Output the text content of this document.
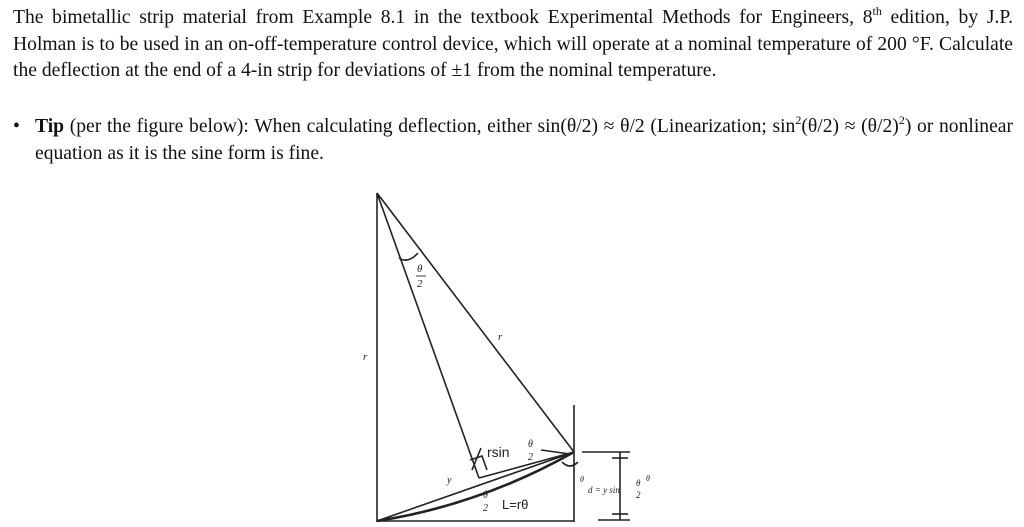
The bimetallic strip material from Example 8.1 in the textbook Experimental Methods for Engineers, 8th edition, by J.P. Holman is to be used in an on-off-temperature control device, which will operate at a nominal temperature of 200 °F. Calculate the deflection at the end of a 4-in strip for deviations of ±1 from the nominal temperature.

• Tip (per the figure below): When calculating deflection, either sin(θ/2) ≈ θ/2 (Linearization; $\sin^2(\theta/2) \approx (\theta/2)^2$) or nonlinear equation as it is the sine form is fine.
r
r
θ
2
rsin θ
2
y
θ
2 L=rθ
θ
d = y sin
θ
2
θ
